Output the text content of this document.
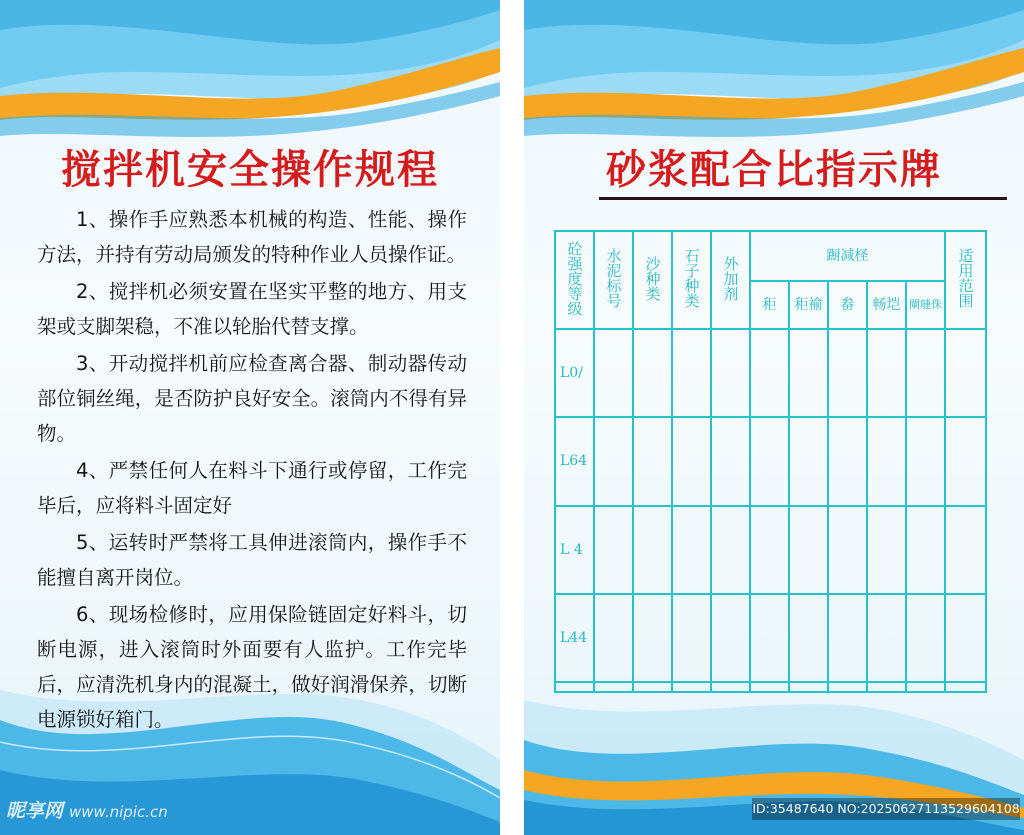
搅拌机安全操作规程

1、操作手应熟悉本机械的构造、性能、操作方法，并持有劳动局颁发的特种作业人员操作证。

2、搅拌机必须安置在坚实平整的地方、用支架或支脚架稳，不准以轮胎代替支撑。

3、开动搅拌机前应检查离合器、制动器传动部位铜丝绳，是否防护良好安全。滚筒内不得有异物。

4、严禁任何人在料斗下通行或停留，工作完毕后，应将料斗固定好

5、运转时严禁将工具伸进滚筒内，操作手不能擅自离开岗位。

6、现场检修时，应用保险链固定好料斗，切断电源，进入滚筒时外面要有人监护。工作完毕后，应清洗机身内的混凝土，做好润滑保养，切断电源锁好箱门。

昵享网 www.nipic.cn
砂浆配合比指示牌
砼强度等级	水泥标号	沙种类	石子种类	外加剂	蹰减柽					适用范围
					秬	秬褕	畚	畅垲	閘嗹侏	
L0/										
L64										
L 4										
L44										

ID:35487640 NO:20250627113529604108
